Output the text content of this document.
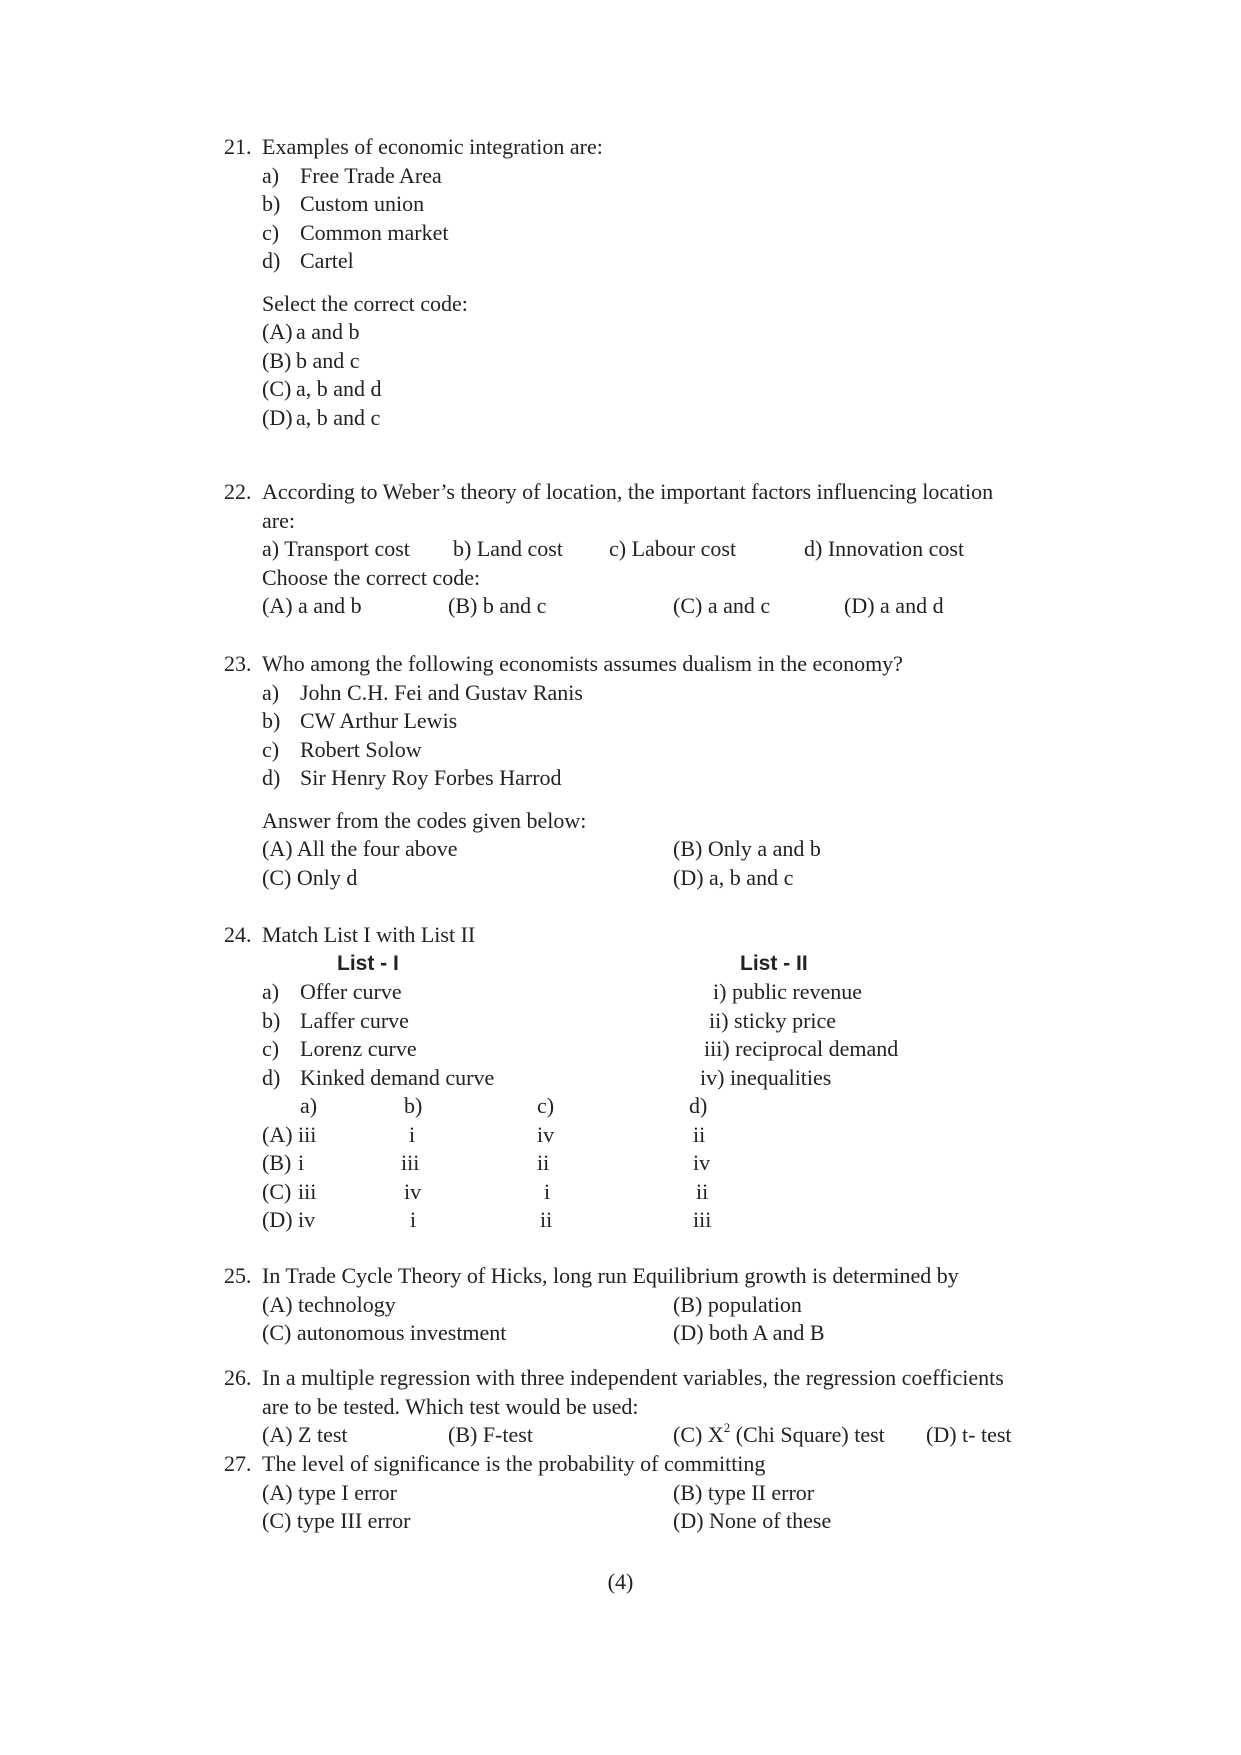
21. Examples of economic integration are:
a) Free Trade Area
b) Custom union
c) Common market
d) Cartel
Select the correct code:
(A) a and b
(B) b and c
(C) a, b and d
(D) a, b and c
22. According to Weber’s theory of location, the important factors influencing location
are:
a) Transport cost b) Land cost c) Labour cost	d) Innovation cost
Choose the correct code:
(A) a and b	(B) b and c	(C) a and c	(D) a and d
23. Who among the following economists assumes dualism in the economy?
a) John C.H. Fei and Gustav Ranis
b) CW Arthur Lewis
c) Robert Solow
d) Sir Henry Roy Forbes Harrod
Answer from the codes given below:
(A) All the four above	(B) Only a and b
(C) Only d	(D) a, b and c
24. Match List I with List II
List - I	List - II
a) Offer curve	i) public revenue
b) Laffer curve	ii) sticky price
c) Lorenz curve	iii) reciprocal demand
d) Kinked demand curve	iv) inequalities
a)	b)	c)	d)
(A) iii	i	iv	ii
(B) i	iii	ii	iv
(C) iii	iv	i	ii
(D) iv	i	ii	iii
25. In Trade Cycle Theory of Hicks, long run Equilibrium growth is determined by
(A) technology	(B) population
(C) autonomous investment	(D) both A and B
26. In a multiple regression with three independent variables, the regression coefficients
are to be tested. Which test would be used:
(A) Z test	(B) F-test	(C) $X^2$ (Chi Square) test (D) t- test
27. The level of significance is the probability of committing
(A) type I error	(B) type II error
(C) type III error	(D) None of these
(4)
